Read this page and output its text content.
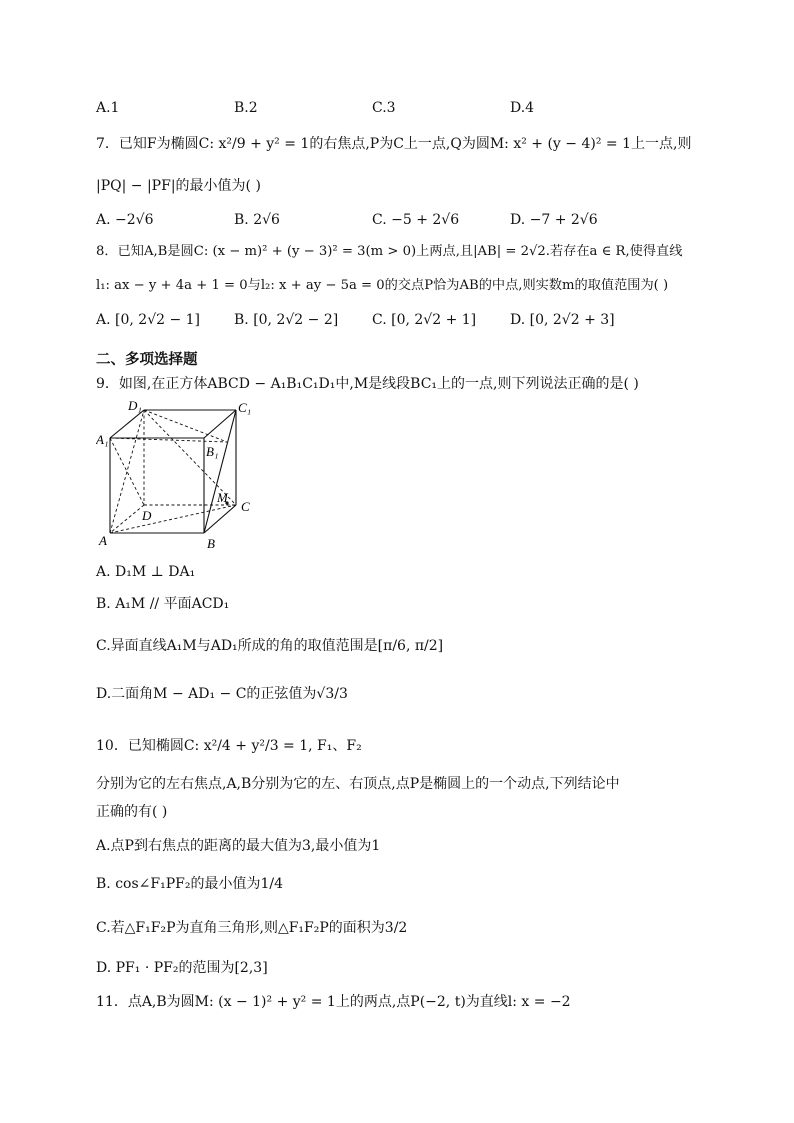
A.1	B.2	C.3	D.4
7．已知F为椭圆C: x²/9 + y² = 1的右焦点,P为C上一点,Q为圆M: x² + (y − 4)² = 1上一点,则
|PQ| − |PF|的最小值为( )
A. −2√6	B. 2√6	C. −5 + 2√6	D. −7 + 2√6
8．已知A,B是圆C: (x − m)² + (y − 3)² = 3(m > 0)上两点,且|AB| = 2√2.若存在a ∈ R,使得直线
l₁: ax − y + 4a + 1 = 0与l₂: x + ay − 5a = 0的交点P恰为AB的中点,则实数m的取值范围为( )
A. [0, 2√2 − 1] B. [0, 2√2 − 2] C. [0, 2√2 + 1] D. [0, 2√2 + 3]
二、多项选择题
9．如图,在正方体ABCD − A₁B₁C₁D₁中,M是线段BC₁上的一点,则下列说法正确的是( )
D₁	C₁
A₁
B₁
D
C
A	B
M
A. D₁M ⊥ DA₁
B. A₁M // 平面ACD₁
C.异面直线A₁M与AD₁所成的角的取值范围是[π/6, π/2]
D.二面角M − AD₁ − C的正弦值为√3/3
10．已知椭圆C: x²/4 + y²/3 = 1, F₁、F₂
分别为它的左右焦点,A,B分别为它的左、右顶点,点P是椭圆上的一个动点,下列结论中
正确的有( )
A.点P到右焦点的距离的最大值为3,最小值为1
B. cos∠F₁PF₂的最小值为1/4
C.若△F₁F₂P为直角三角形,则△F₁F₂P的面积为3/2
D. PF₁ · PF₂的范围为[2,3]
11．点A,B为圆M: (x − 1)² + y² = 1上的两点,点P(−2, t)为直线l: x = −2
